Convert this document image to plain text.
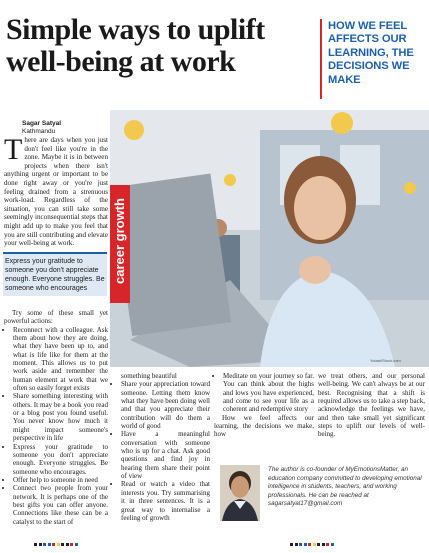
Simple ways to uplift
well-being at work
HOW WE FEEL AFFECTS OUR LEARNING, THE DECISIONS WE MAKE
Sagar Satyal
Kathmandu
There are days when you just don't feel like you're in the zone. Maybe it is in between projects when there isn't anything urgent or important to be done right away or you're just feeling drained from a strenuous work-load. Regardless of the situation, you can still take some seemingly inconsequential steps that might add up to make you feel that you are still contributing and elevate your well-being at work.
Express your gratitude to someone you don't appreciate enough. Everyone struggles. Be someone who encourages
career growth
Yotaa/iStock.com

Try some of these small yet powerful actions:

• Reconnect with a colleague. Ask them about how they are doing, what they have been up to, and what is life like for them at the moment. This allows us to put work aside and remember the human element at work that we often so easily forget exists
• Share something interesting with others. It may be a book you read or a blog post you found useful. You never know how much it might impact someone's perspective in life
• Express your gratitude to someone you don't appreciate enough. Everyone struggles. Be someone who encourages.
• Offer help to someone in need
• Connect two people from your network. It is perhaps one of the best gifts you can offer anyone. Connections like these can be a catalyst to the start of

something beautiful

• Share your appreciation toward someone. Letting them know what they have been doing well and that you appreciate their contribution will do them a world of good
• Have a meaningful conversation with someone who is up for a chat. Ask good questions and find joy in hearing them share their point of view
• Read or watch a video that interests you. Try summarising it in three sentences. It is a great way to internalise a feeling of growth
• Meditate on your journey so far. You can think about the highs and lows you have experienced, and come to see your life as a coherent and redemptive story

How we feel affects our learning, the decisions we make, how

we treat others, and our personal well-being. We can't always be at our best. Recognising that a shift is required allows us to take a step back, acknowledge the feelings we have, and then take small yet significant steps to uplift our levels of well-being.

The author is co-founder of MyEmotionsMatter, an education company committed to developing emotional intelligence in students, teachers, and working professionals. He can be reached at sagarsatyal17@gmail.com
